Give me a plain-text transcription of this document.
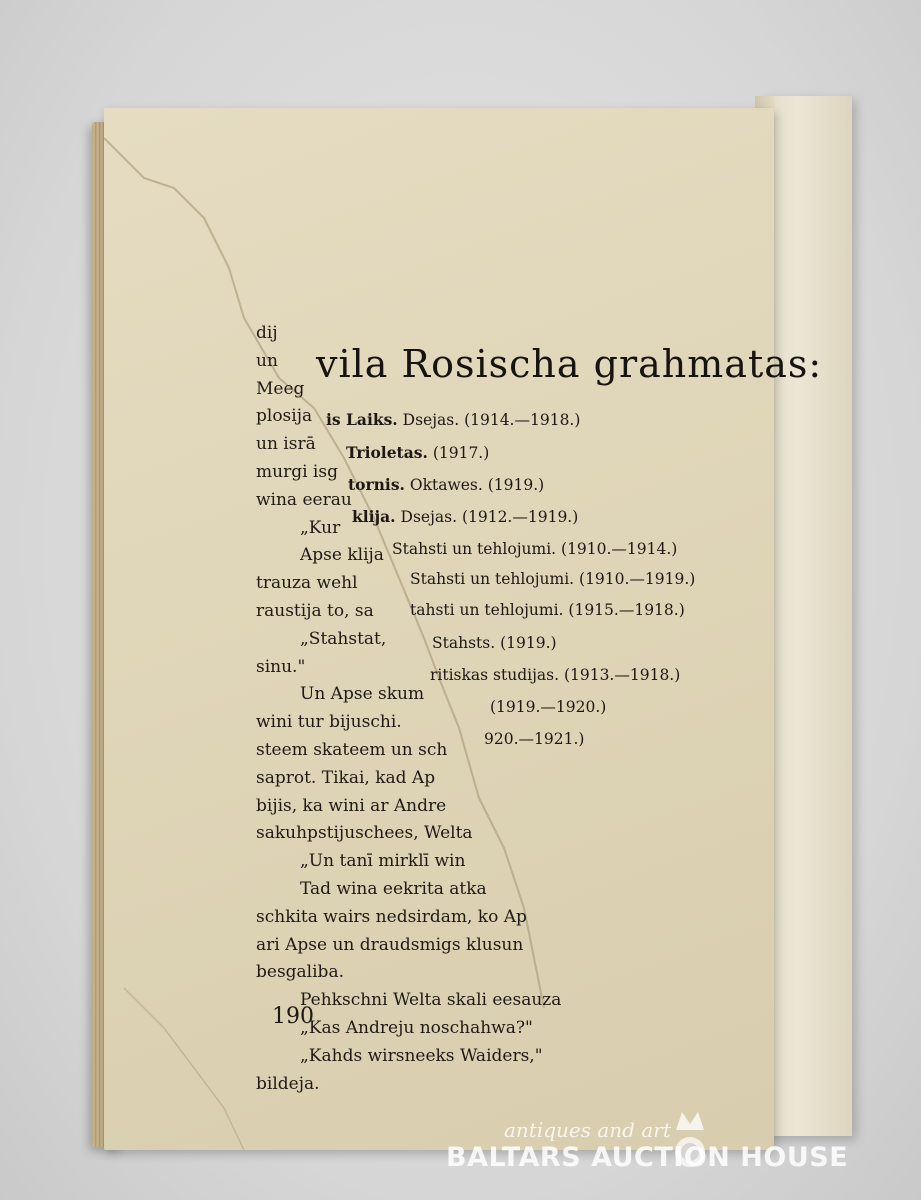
dij
un
Meeg
plosija
un isrā
murgi isg
wina eerau
„Kur
Apse klija
trauza wehl
raustija to, sa
„Stahstat,
sinu."
Un Apse skum
wini tur bijuschi.
steem skateem un sch
saprot. Tikai, kad Ap
bijis, ka wini ar Andre
sakuhpstijuschees, Welta
„Un tanī mirklī win
Tad wina eekrita atka
schkita wairs nedsirdam, ko Ap
ari Apse un draudsmigs klusun
besgaliba.
Pehkschni Welta skali eesauza
„Kas Andreju noschahwa?"
„Kahds wirsneeks Waiders,"
bildeja.
vila Rosischa grahmatas:
is Laiks. Dsejas. (1914.—1918.)
Trioletas. (1917.)
tornis. Oktawes. (1919.)
klija. Dsejas. (1912.—1919.)
Stahsti un tehlojumi. (1910.—1914.)
Stahsti un tehlojumi. (1910.—1919.)
tahsti un tehlojumi. (1915.—1918.)
Stahsts. (1919.)
ritiskas studijas. (1913.—1918.)
(1919.—1920.)
920.—1921.)
190
antiques and art
BALTARS AUCTION HOUSE
